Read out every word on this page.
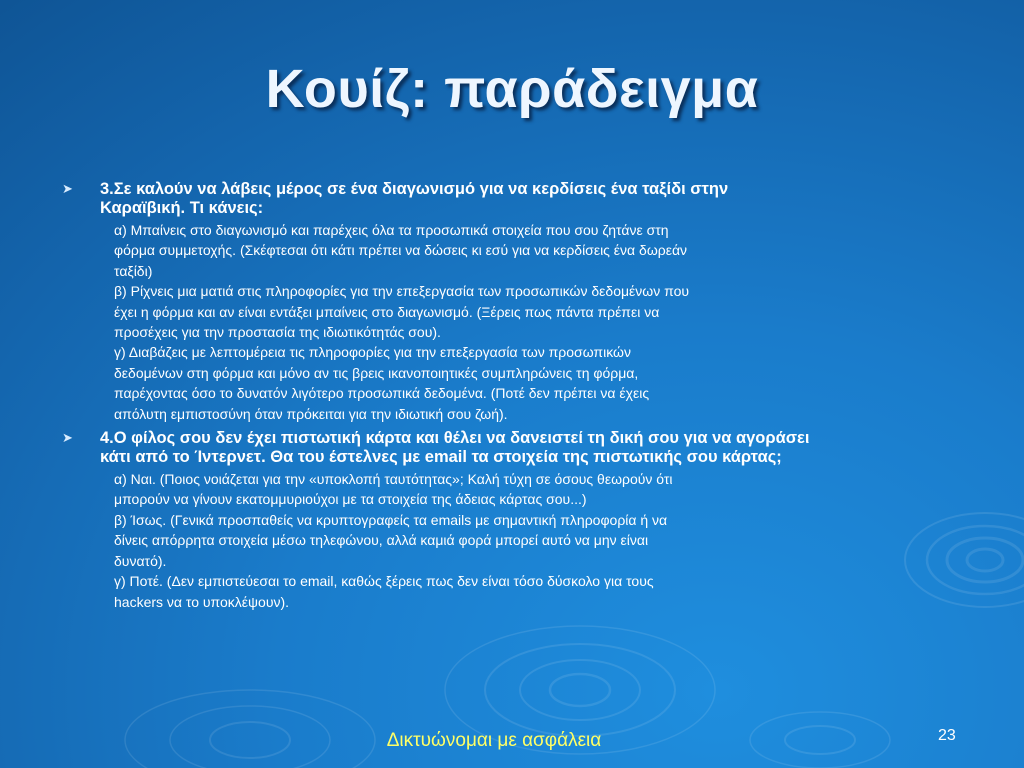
Κουίζ: παράδειγμα
➤ 3.Σε καλούν να λάβεις μέρος σε ένα διαγωνισμό για να κερδίσεις ένα ταξίδι στην
Καραϊβική. Τι κάνεις:
α) Μπαίνεις στο διαγωνισμό και παρέχεις όλα τα προσωπικά στοιχεία που σου ζητάνε στη
φόρμα συμμετοχής. (Σκέφτεσαι ότι κάτι πρέπει να δώσεις κι εσύ για να κερδίσεις ένα δωρεάν
ταξίδι)
β) Ρίχνεις μια ματιά στις πληροφορίες για την επεξεργασία των προσωπικών δεδομένων που
έχει η φόρμα και αν είναι εντάξει μπαίνεις στο διαγωνισμό. (Ξέρεις πως πάντα πρέπει να
προσέχεις για την προστασία της ιδιωτικότητάς σου).
γ) Διαβάζεις με λεπτομέρεια τις πληροφορίες για την επεξεργασία των προσωπικών
δεδομένων στη φόρμα και μόνο αν τις βρεις ικανοποιητικές συμπληρώνεις τη φόρμα,
παρέχοντας όσο το δυνατόν λιγότερο προσωπικά δεδομένα. (Ποτέ δεν πρέπει να έχεις
απόλυτη εμπιστοσύνη όταν πρόκειται για την ιδιωτική σου ζωή).
➤ 4.Ο φίλος σου δεν έχει πιστωτική κάρτα και θέλει να δανειστεί τη δική σου για να αγοράσει
κάτι από το Ίντερνετ. Θα του έστελνες με email τα στοιχεία της πιστωτικής σου κάρτας;
α) Ναι. (Ποιος νοιάζεται για την «υποκλοπή ταυτότητας»; Καλή τύχη σε όσους θεωρούν ότι
μπορούν να γίνουν εκατομμυριούχοι με τα στοιχεία της άδειας κάρτας σου...)
β) Ίσως. (Γενικά προσπαθείς να κρυπτογραφείς τα emails με σημαντική πληροφορία ή να
δίνεις απόρρητα στοιχεία μέσω τηλεφώνου, αλλά καμιά φορά μπορεί αυτό να μην είναι
δυνατό).
γ) Ποτέ. (Δεν εμπιστεύεσαι το email, καθώς ξέρεις πως δεν είναι τόσο δύσκολο για τους
hackers να το υποκλέψουν).
Δικτυώνομαι με ασφάλεια	23
